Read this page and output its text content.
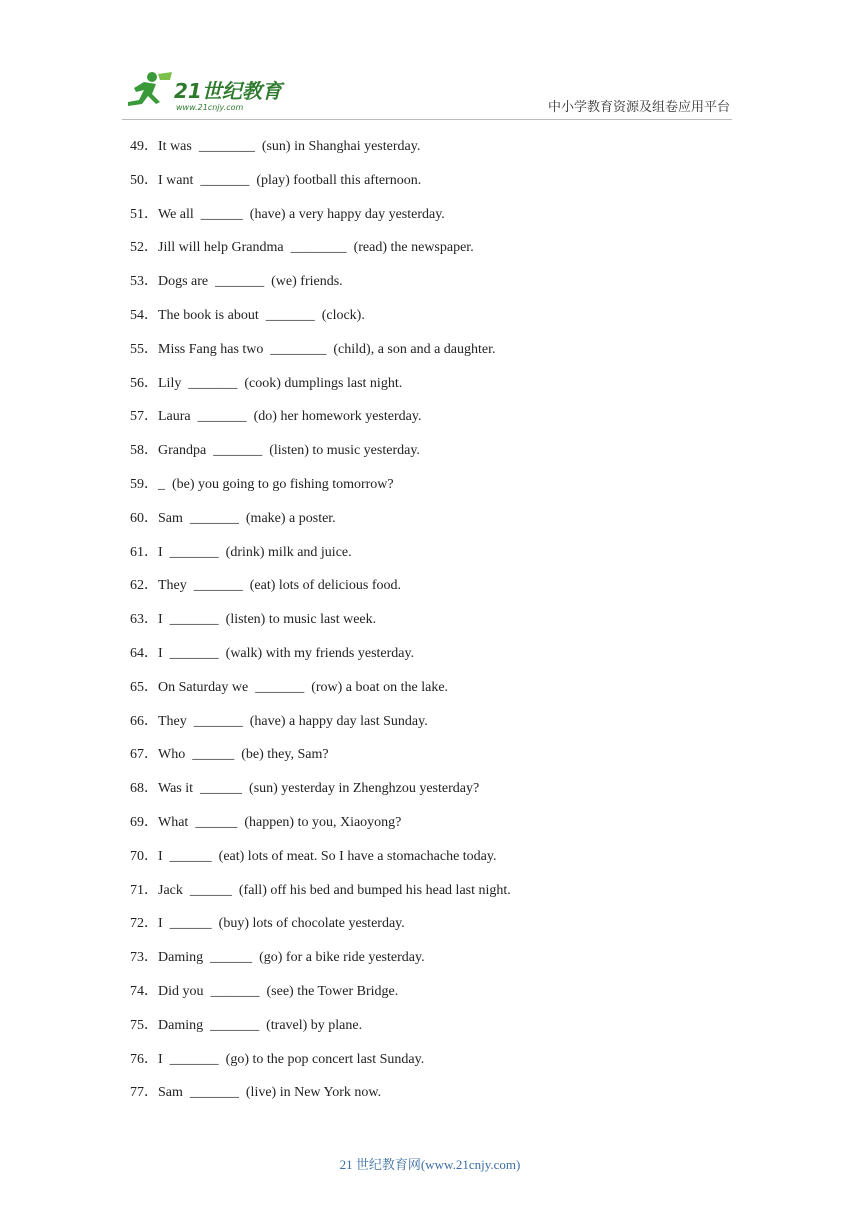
21世纪教育
www.21cnjy.com	中小学教育资源及组卷应用平台
49．It was  ________  (sun) in Shanghai yesterday.
50．I want  _______  (play) football this afternoon.
51．We all  ______  (have) a very happy day yesterday.
52．Jill will help Grandma  ________  (read) the newspaper.
53．Dogs are  _______  (we) friends.
54．The book is about  _______  (clock).
55．Miss Fang has two  ________  (child), a son and a daughter.
56．Lily  _______  (cook) dumplings last night.
57．Laura  _______  (do) her homework yesterday.
58．Grandpa  _______  (listen) to music yesterday.
59．_  (be) you going to go fishing tomorrow?
60．Sam  _______  (make) a poster.
61．I  _______  (drink) milk and juice.
62．They  _______  (eat) lots of delicious food.
63．I  _______  (listen) to music last week.
64．I  _______  (walk) with my friends yesterday.
65．On Saturday we  _______  (row) a boat on the lake.
66．They  _______  (have) a happy day last Sunday.
67．Who  ______  (be) they, Sam?
68．Was it  ______  (sun) yesterday in Zhenghzou yesterday?
69．What  ______  (happen) to you, Xiaoyong?
70．I  ______  (eat) lots of meat. So I have a stomachache today.
71．Jack  ______  (fall) off his bed and bumped his head last night.
72．I  ______  (buy) lots of chocolate yesterday.
73．Daming  ______  (go) for a bike ride yesterday.
74．Did you  _______  (see) the Tower Bridge.
75．Daming  _______  (travel) by plane.
76．I  _______  (go) to the pop concert last Sunday.
77．Sam  _______  (live) in New York now.
21 世纪教育网(www.21cnjy.com)
